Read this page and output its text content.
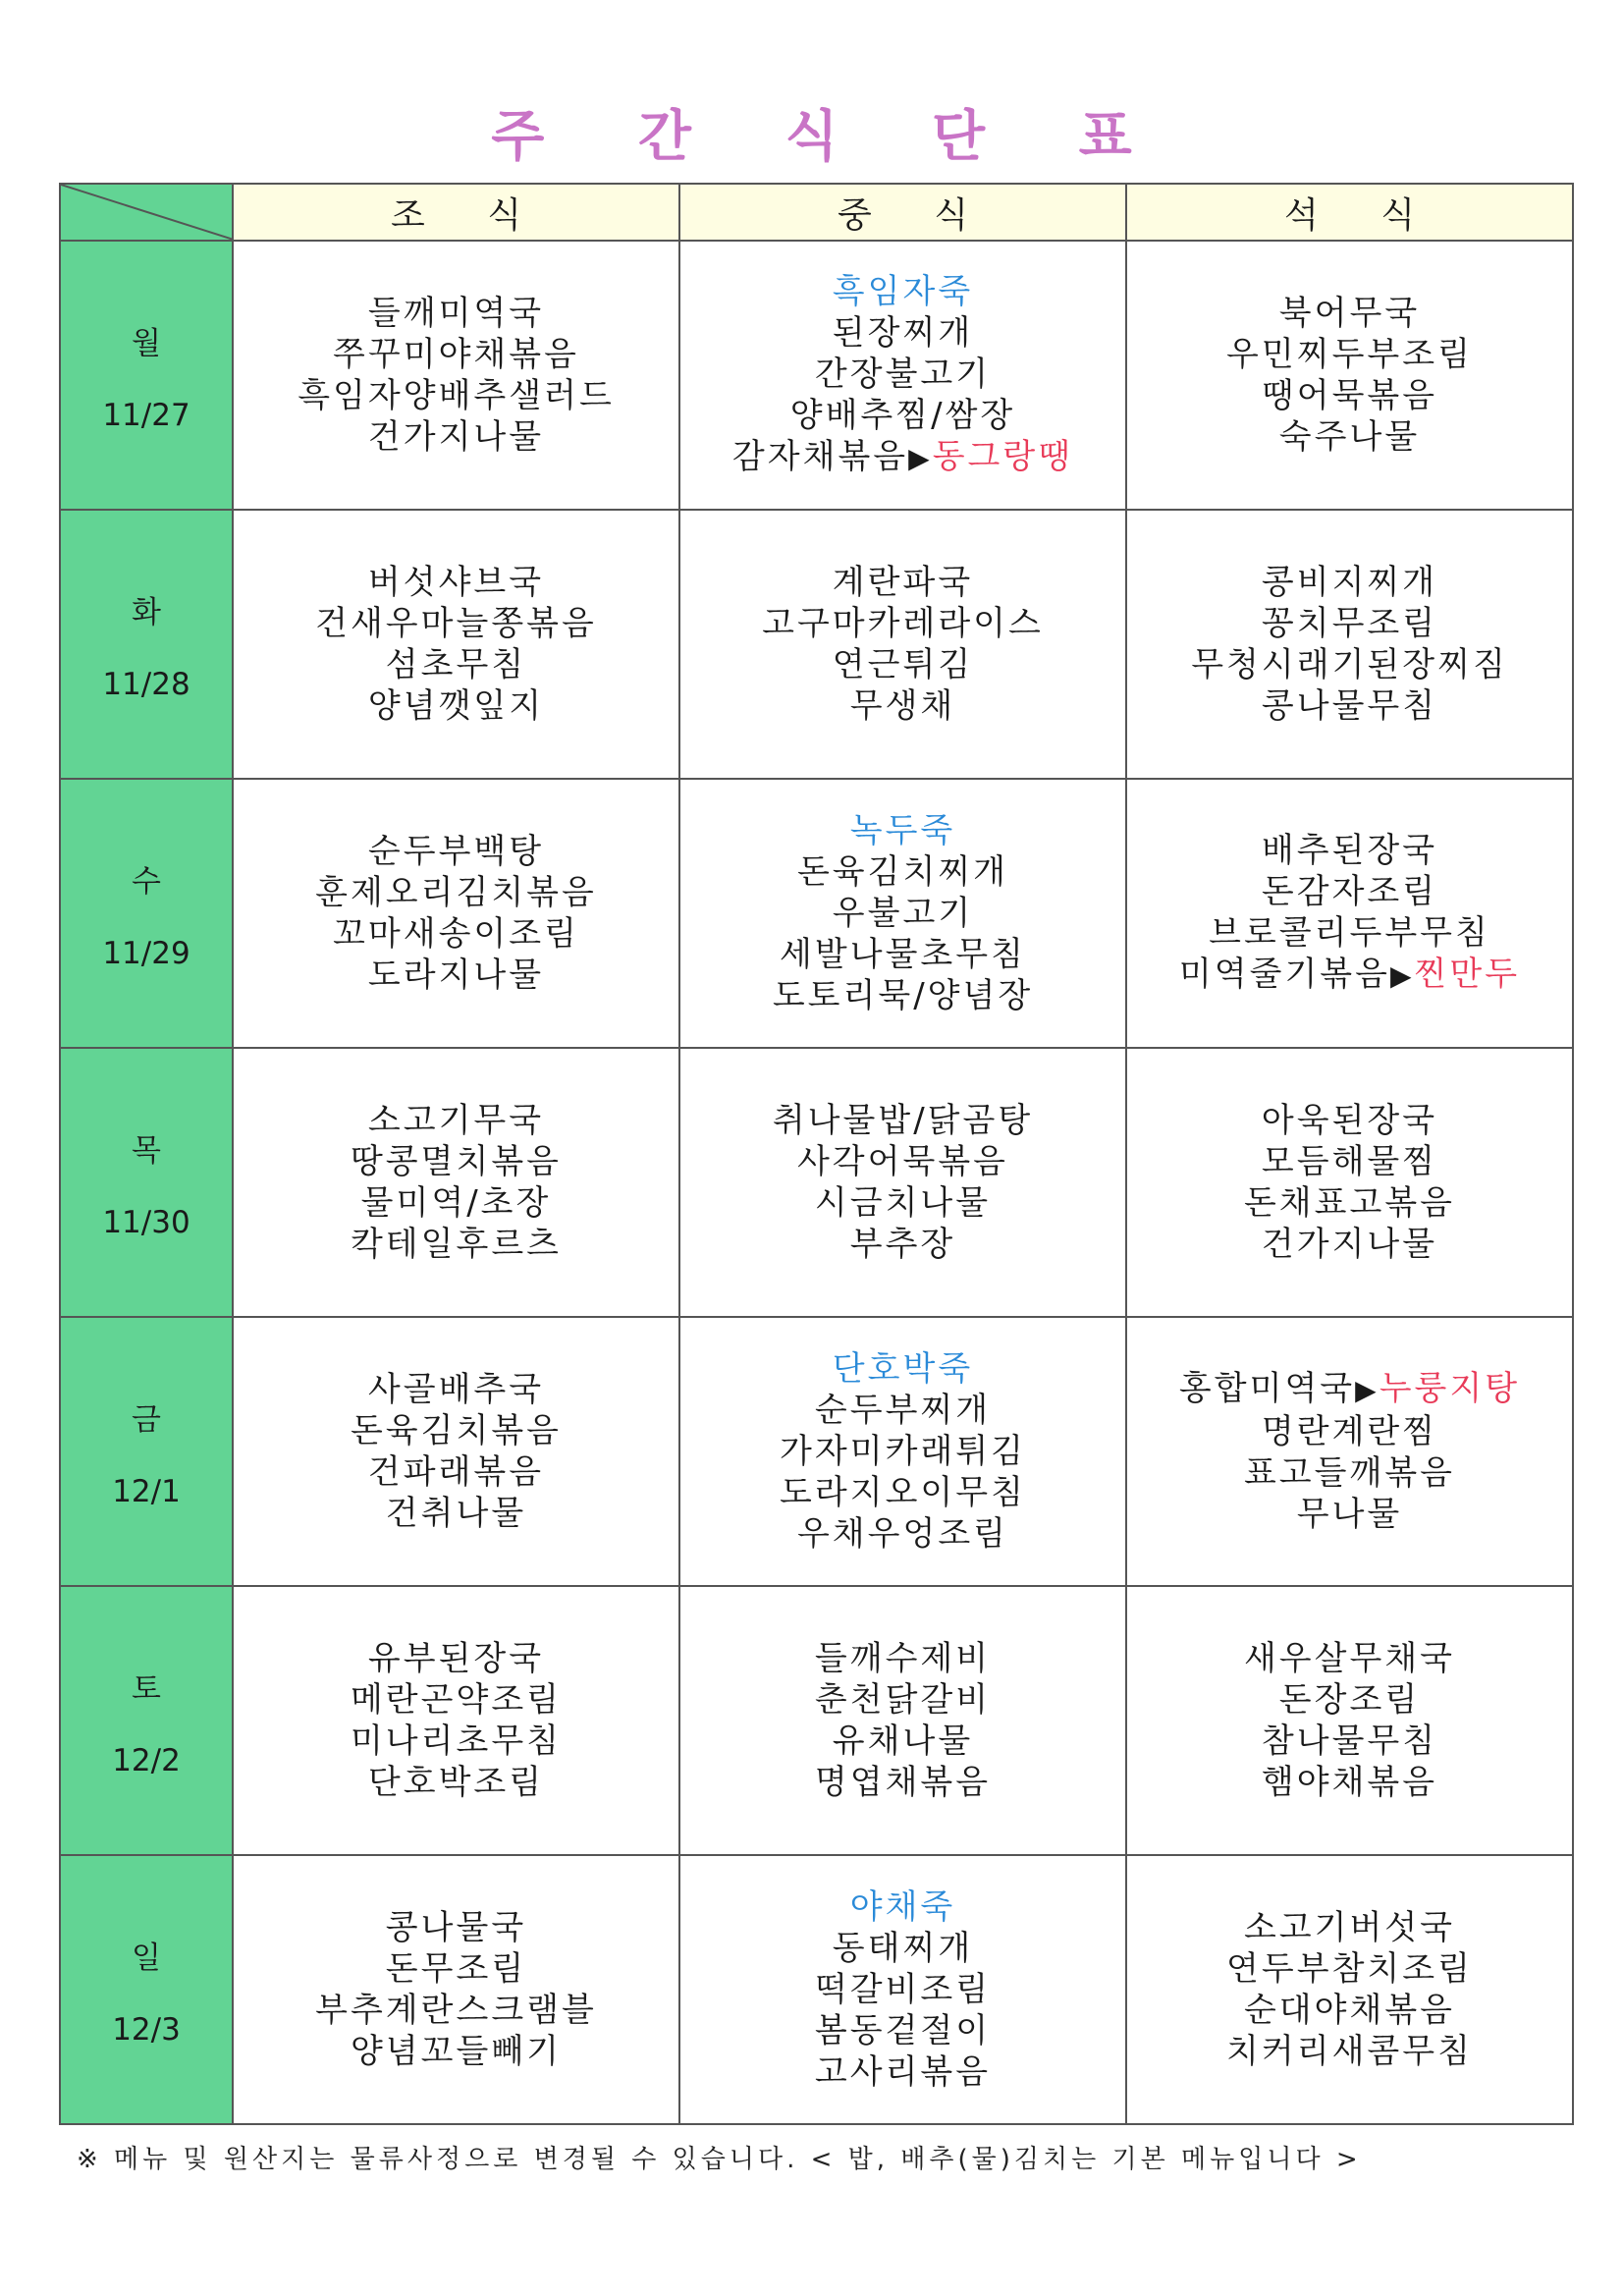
주 간 식 단 표
	조 식	중 식	석 식

월
11/27	들깨미역국
쭈꾸미야채볶음
흑임자양배추샐러드
건가지나물	흑임자죽
된장찌개
간장불고기
양배추찜/쌈장
감자채볶음▶동그랑땡	북어무국
우민찌두부조림
땡어묵볶음
숙주나물

화
11/28	버섯샤브국
건새우마늘쫑볶음
섬초무침
양념깻잎지	계란파국
고구마카레라이스
연근튀김
무생채	콩비지찌개
꽁치무조림
무청시래기된장찌짐
콩나물무침

수
11/29	순두부백탕
훈제오리김치볶음
꼬마새송이조림
도라지나물	녹두죽
돈육김치찌개
우불고기
세발나물초무침
도토리묵/양념장	배추된장국
돈감자조림
브로콜리두부무침
미역줄기볶음▶찐만두

목
11/30	소고기무국
땅콩멸치볶음
물미역/초장
칵테일후르츠	취나물밥/닭곰탕
사각어묵볶음
시금치나물
부추장	아욱된장국
모듬해물찜
돈채표고볶음
건가지나물

금
12/1	사골배추국
돈육김치볶음
건파래볶음
건취나물	단호박죽
순두부찌개
가자미카래튀김
도라지오이무침
우채우엉조림	홍합미역국▶누룽지탕
명란계란찜
표고들깨볶음
무나물

토
12/2	유부된장국
메란곤약조림
미나리초무침
단호박조림	들깨수제비
춘천닭갈비
유채나물
명엽채볶음	새우살무채국
돈장조림
참나물무침
햄야채볶음

일
12/3	콩나물국
돈무조림
부추계란스크램블
양념꼬들빼기	야채죽
동태찌개
떡갈비조림
봄동겉절이
고사리볶음	소고기버섯국
연두부참치조림
순대야채볶음
치커리새콤무침
※ 메뉴 및 원산지는 물류사정으로 변경될 수 있습니다. < 밥, 배추(물)김치는 기본 메뉴입니다 >
